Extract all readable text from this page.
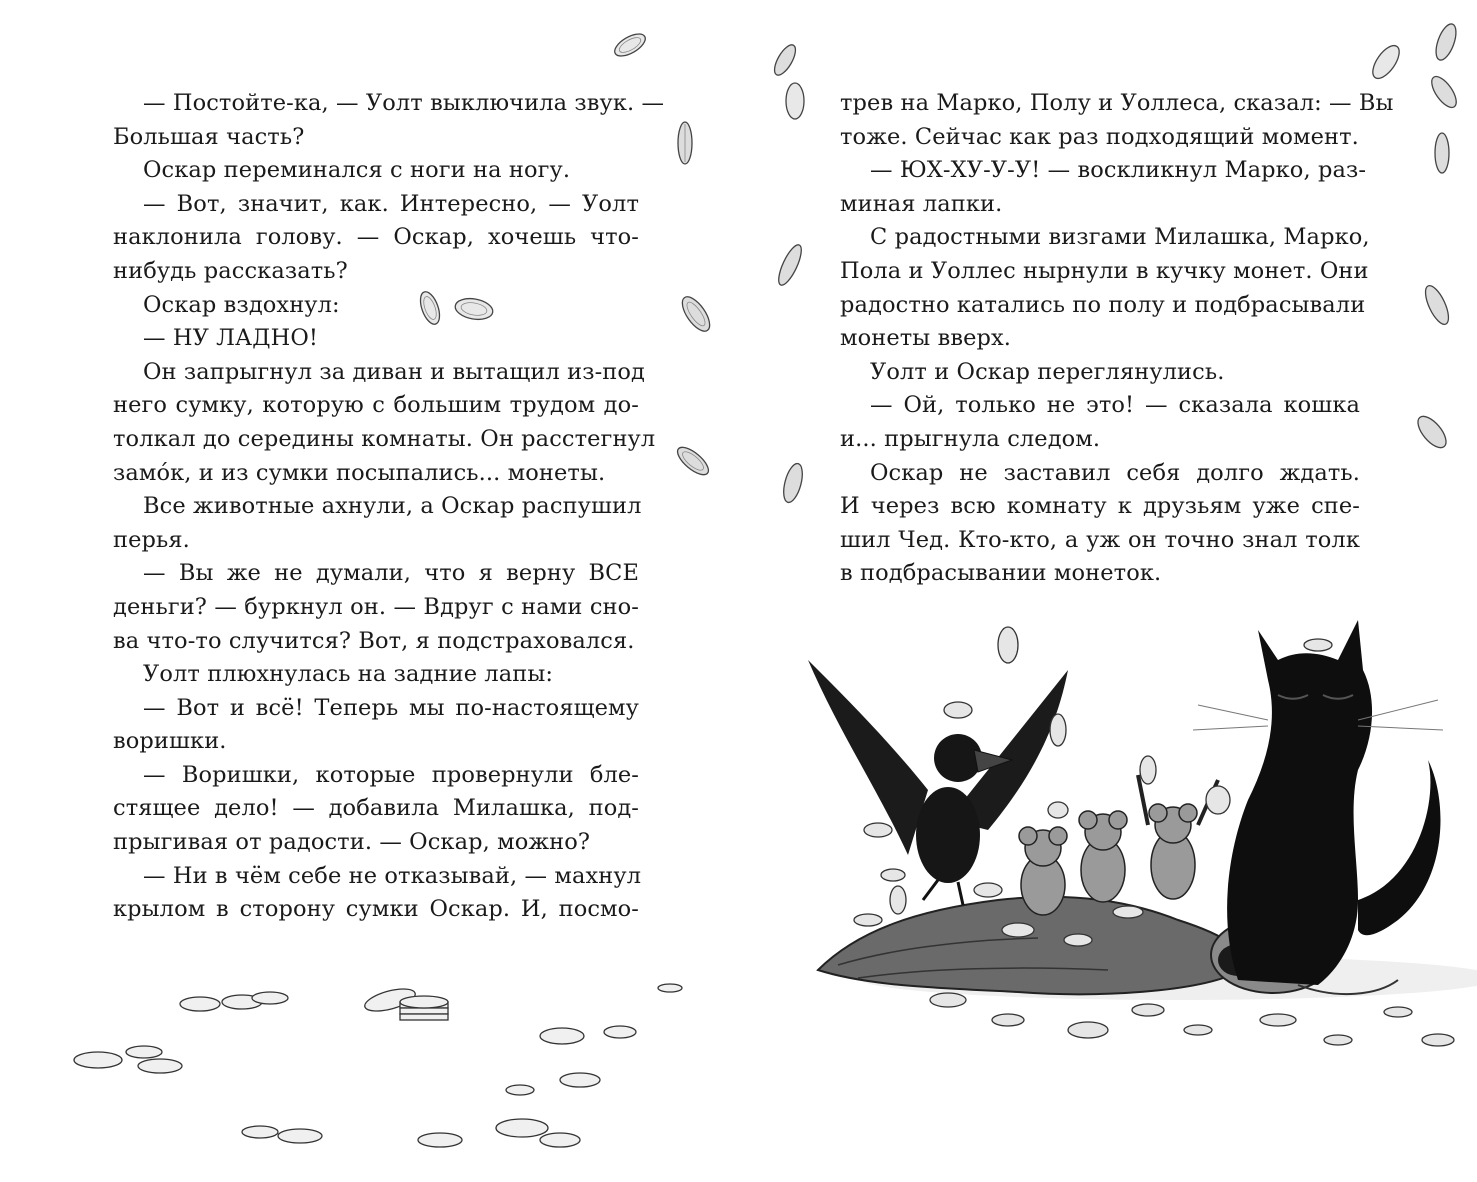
— Постойте-ка, — Уолт выключила звук. —
Большая часть?
Оскар переминался с ноги на ногу.
— Вот, значит, как. Интересно, — Уолт
наклонила голову. — Оскар, хочешь что-
нибудь рассказать?
Оскар вздохнул:
— НУ ЛАДНО!
Он запрыгнул за диван и вытащил из-под
него сумку, которую с большим трудом до-
толкал до середины комнаты. Он расстегнул
замóк, и из сумки посыпались... монеты.
Все животные ахнули, а Оскар распушил
перья.
— Вы же не думали, что я верну ВСЕ
деньги? — буркнул он. — Вдруг с нами сно-
ва что-то случится? Вот, я подстраховался.
Уолт плюхнулась на задние лапы:
— Вот и всё! Теперь мы по-настоящему
воришки.
— Воришки, которые провернули бле-
стящее дело! — добавила Милашка, под-
прыгивая от радости. — Оскар, можно?
— Ни в чём себе не отказывай, — махнул
крылом в сторону сумки Оскар. И, посмо-
трев на Марко, Полу и Уоллеса, сказал: — Вы
тоже. Сейчас как раз подходящий момент.
— ЮХ-ХУ-У-У! — воскликнул Марко, раз-
миная лапки.
С радостными визгами Милашка, Марко,
Пола и Уоллес нырнули в кучку монет. Они
радостно катались по полу и подбрасывали
монеты вверх.
Уолт и Оскар переглянулись.
— Ой, только не это! — сказала кошка
и... прыгнула следом.
Оскар не заставил себя долго ждать.
И через всю комнату к друзьям уже спе-
шил Чед. Кто-кто, а уж он точно знал толк
в подбрасывании монеток.
